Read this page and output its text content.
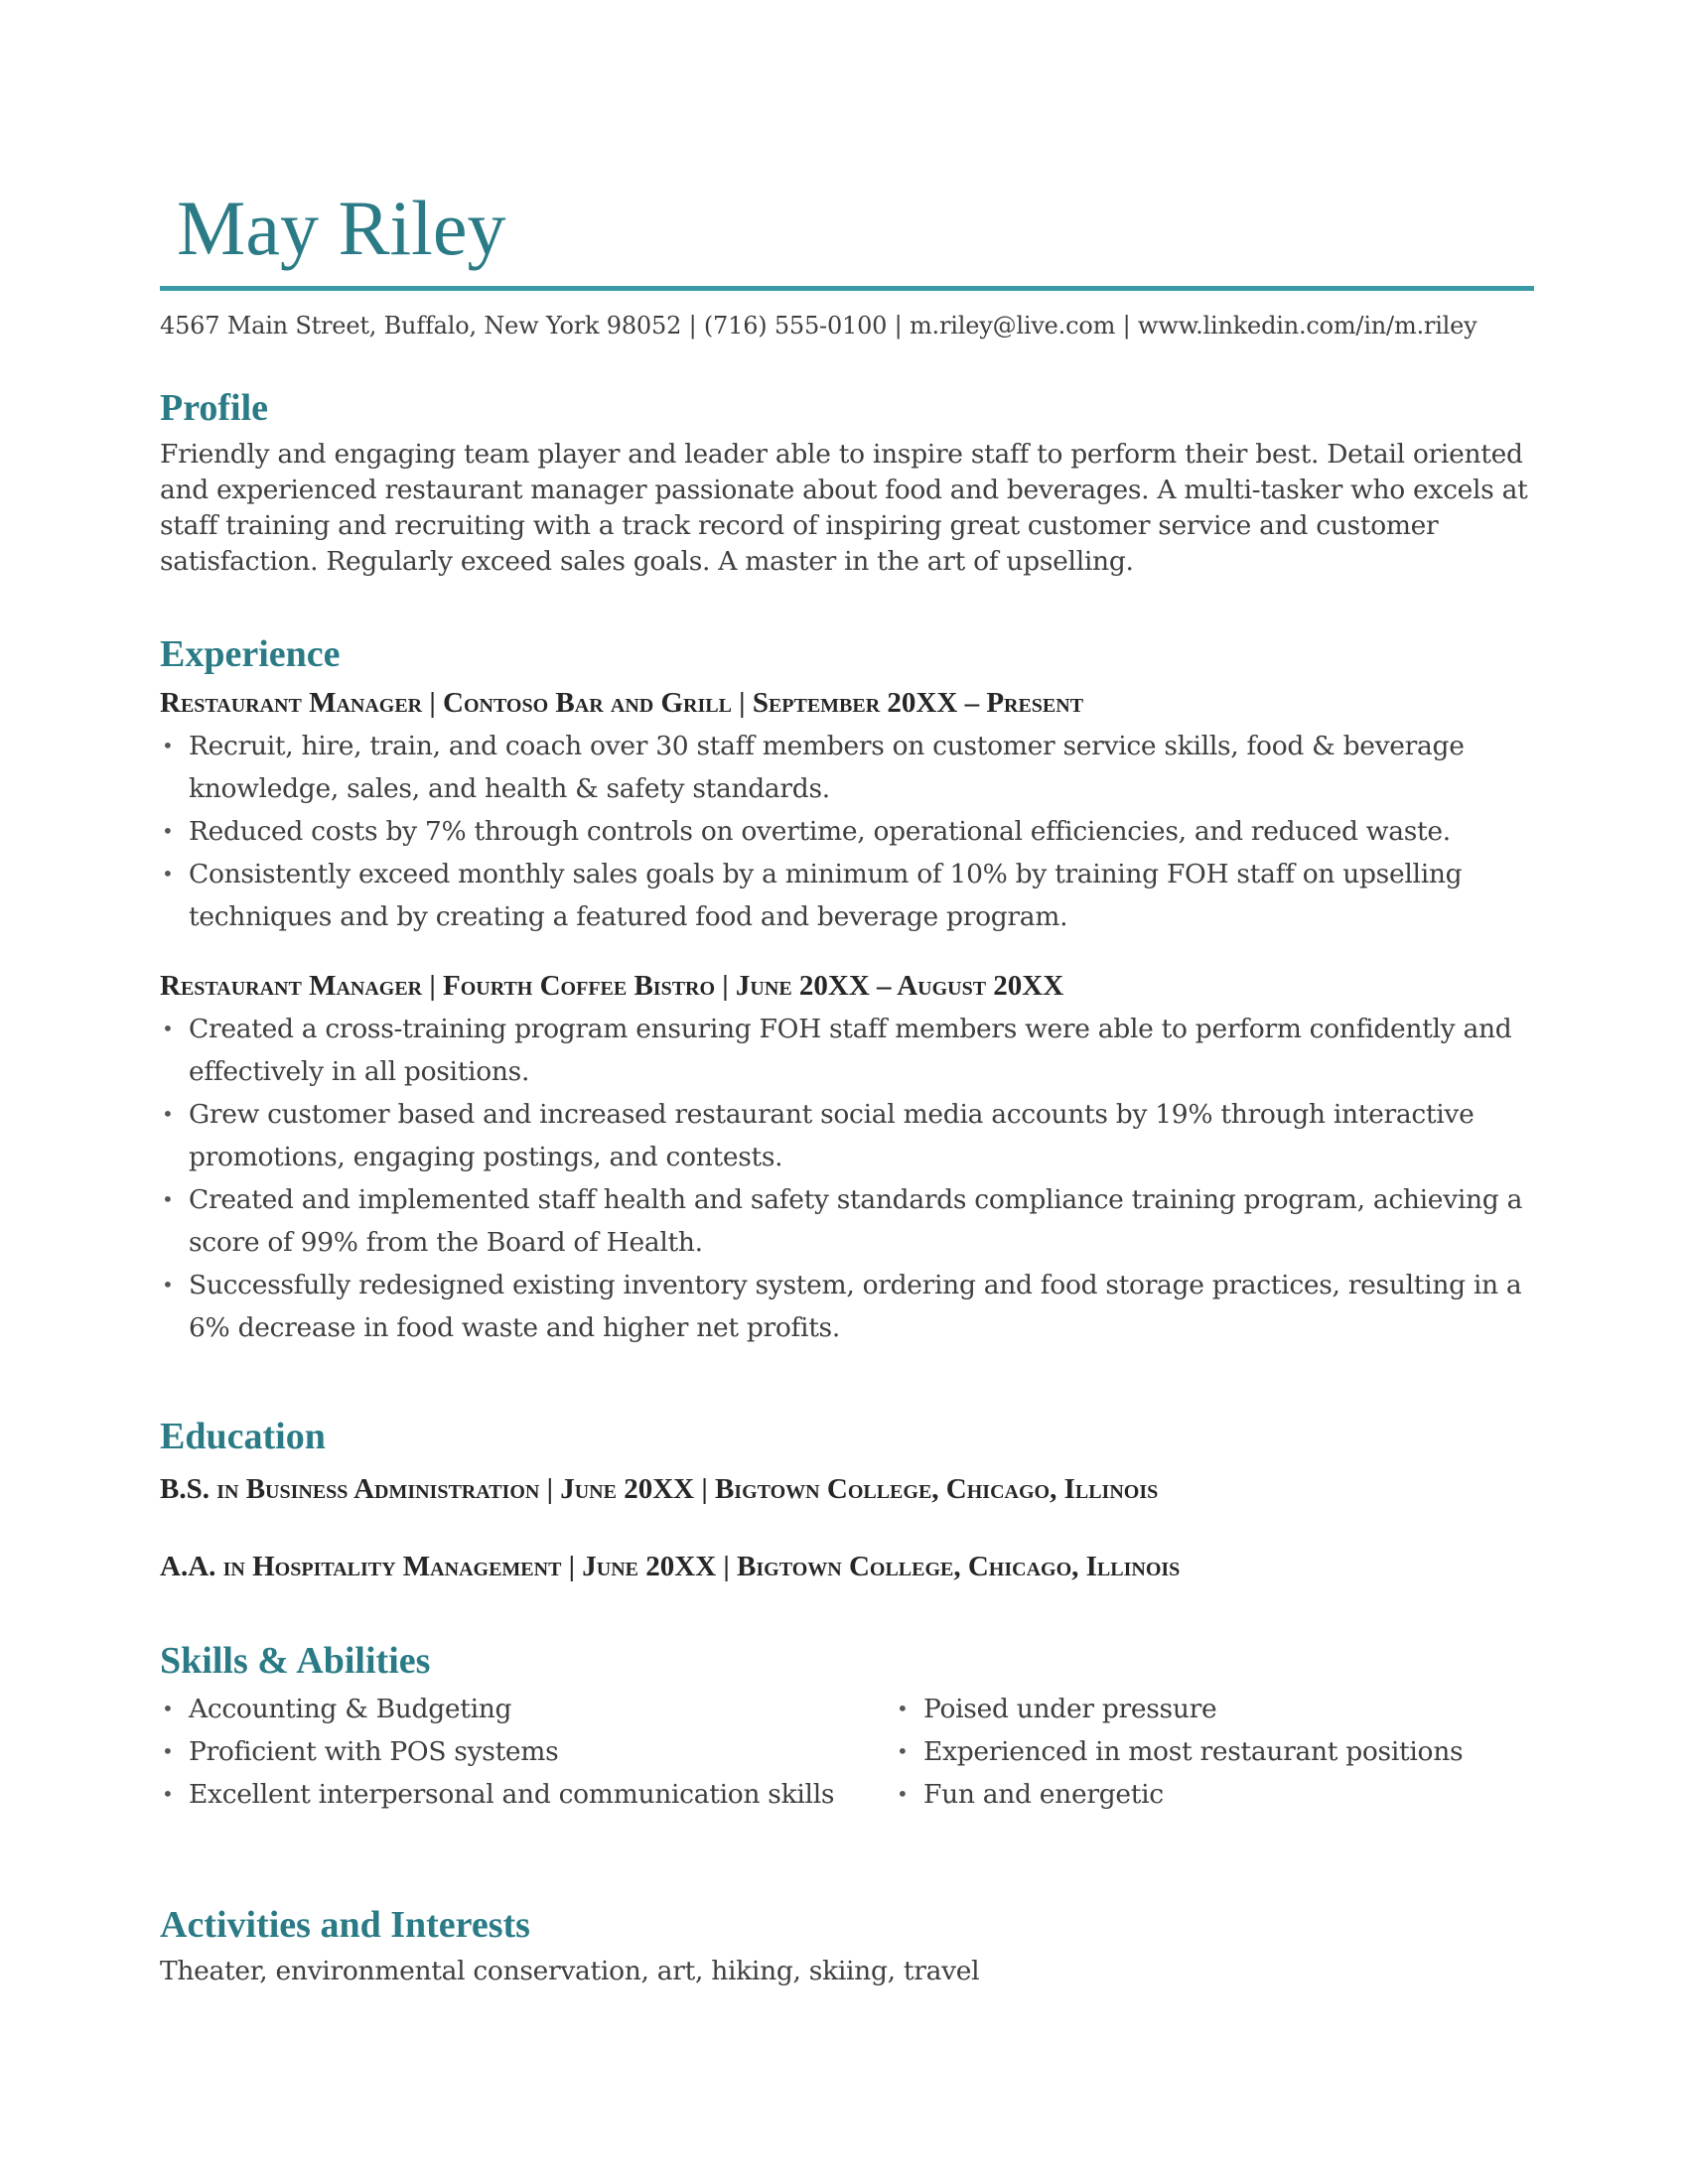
May Riley
4567 Main Street, Buffalo, New York 98052 | (716) 555-0100 | m.riley@live.com | www.linkedin.com/in/m.riley
Profile

Friendly and engaging team player and leader able to inspire staff to perform their best. Detail oriented and experienced restaurant manager passionate about food and beverages. A multi-tasker who excels at staff training and recruiting with a track record of inspiring great customer service and customer satisfaction. Regularly exceed sales goals. A master in the art of upselling.

Experience
Restaurant Manager | Contoso Bar and Grill | September 20XX – Present
• Recruit, hire, train, and coach over 30 staff members on customer service skills, food & beverage knowledge, sales, and health & safety standards.
• Reduced costs by 7% through controls on overtime, operational efficiencies, and reduced waste.
• Consistently exceed monthly sales goals by a minimum of 10% by training FOH staff on upselling techniques and by creating a featured food and beverage program.
Restaurant Manager | Fourth Coffee Bistro | June 20XX – August 20XX
• Created a cross-training program ensuring FOH staff members were able to perform confidently and effectively in all positions.
• Grew customer based and increased restaurant social media accounts by 19% through interactive promotions, engaging postings, and contests.
• Created and implemented staff health and safety standards compliance training program, achieving a score of 99% from the Board of Health.
• Successfully redesigned existing inventory system, ordering and food storage practices, resulting in a 6% decrease in food waste and higher net profits.
Education
B.S. in Business Administration | June 20XX | Bigtown College, Chicago, Illinois
A.A. in Hospitality Management | June 20XX | Bigtown College, Chicago, Illinois
Skills & Abilities
• Accounting & Budgeting
• Proficient with POS systems
• Excellent interpersonal and communication skills
• Poised under pressure
• Experienced in most restaurant positions
• Fun and energetic
Activities and Interests

Theater, environmental conservation, art, hiking, skiing, travel
